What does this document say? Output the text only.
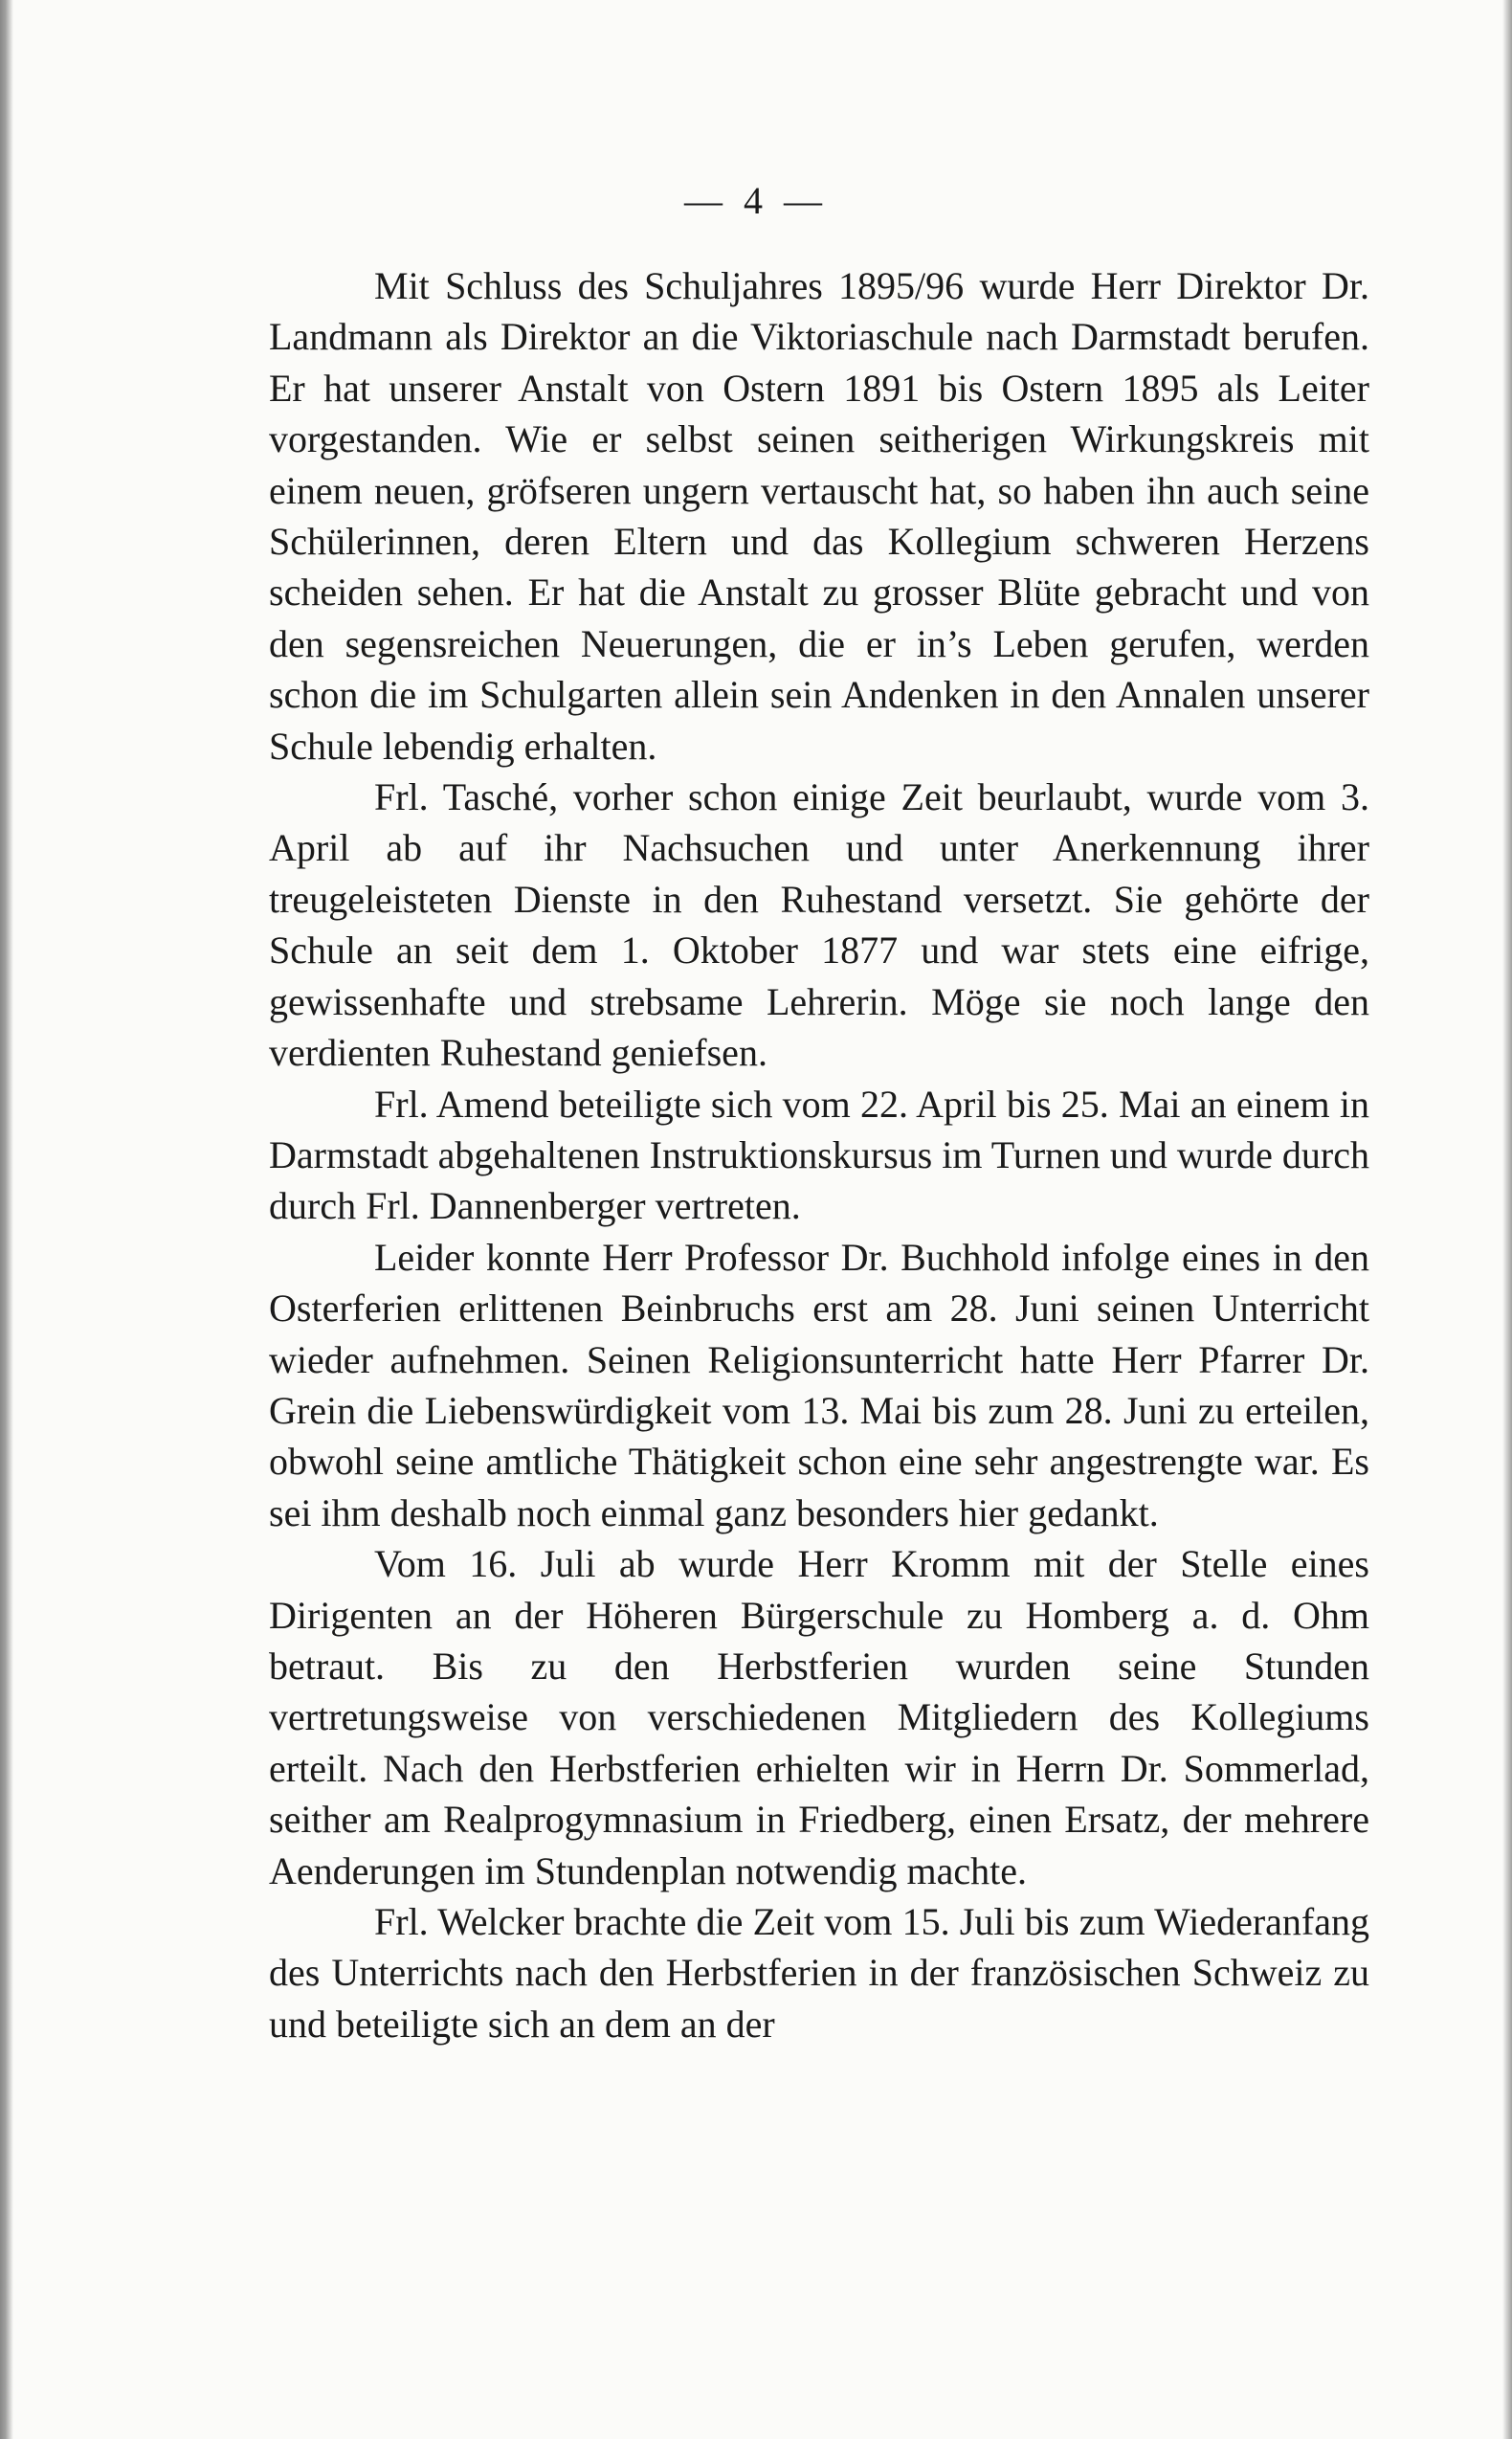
— 4 —

Mit Schluss des Schuljahres 1895/96 wurde Herr Direktor Dr. Landmann als Direktor an die Viktoriaschule nach Darmstadt berufen. Er hat unserer Anstalt von Ostern 1891 bis Ostern 1895 als Leiter vorgestanden. Wie er selbst seinen seitherigen Wirkungskreis mit einem neuen, gröfseren ungern vertauscht hat, so haben ihn auch seine Schülerinnen, deren Eltern und das Kollegium schweren Herzens scheiden sehen. Er hat die Anstalt zu grosser Blüte gebracht und von den segensreichen Neuerungen, die er in’s Leben gerufen, werden schon die im Schulgarten allein sein Andenken in den Annalen unserer Schule lebendig erhalten.

Frl. Tasché, vorher schon einige Zeit beurlaubt, wurde vom 3. April ab auf ihr Nachsuchen und unter Anerkennung ihrer treugeleisteten Dienste in den Ruhestand versetzt. Sie gehörte der Schule an seit dem 1. Oktober 1877 und war stets eine eifrige, gewissenhafte und strebsame Lehrerin. Möge sie noch lange den verdienten Ruhestand geniefsen.

Frl. Amend beteiligte sich vom 22. April bis 25. Mai an einem in Darmstadt abgehaltenen Instruktionskursus im Turnen und wurde durch durch Frl. Dannenberger vertreten.

Leider konnte Herr Professor Dr. Buchhold infolge eines in den Osterferien erlittenen Beinbruchs erst am 28. Juni seinen Unterricht wieder aufnehmen. Seinen Religionsunterricht hatte Herr Pfarrer Dr. Grein die Liebenswürdigkeit vom 13. Mai bis zum 28. Juni zu erteilen, obwohl seine amtliche Thätigkeit schon eine sehr angestrengte war. Es sei ihm deshalb noch einmal ganz besonders hier gedankt.

Vom 16. Juli ab wurde Herr Kromm mit der Stelle eines Dirigenten an der Höheren Bürgerschule zu Homberg a. d. Ohm betraut. Bis zu den Herbstferien wurden seine Stunden vertretungsweise von verschiedenen Mitgliedern des Kollegiums erteilt. Nach den Herbstferien erhielten wir in Herrn Dr. Sommerlad, seither am Realprogymnasium in Friedberg, einen Ersatz, der mehrere Aenderungen im Stundenplan notwendig machte.

Frl. Welcker brachte die Zeit vom 15. Juli bis zum Wiederanfang des Unterrichts nach den Herbstferien in der französischen Schweiz zu und beteiligte sich an dem an der
